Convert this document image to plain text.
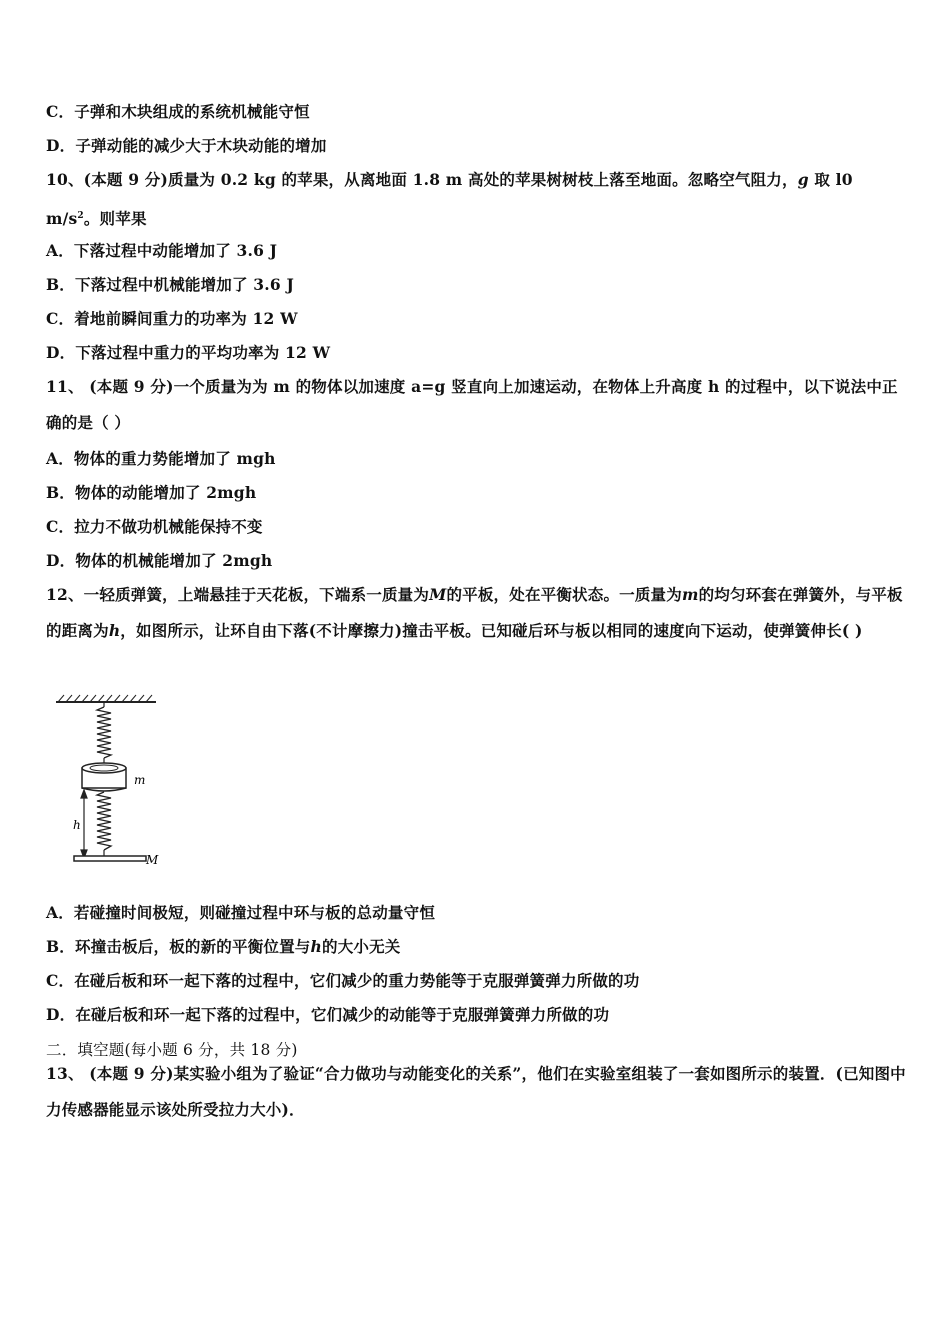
C．子弹和木块组成的系统机械能守恒
D．子弹动能的减少大于木块动能的增加
10、(本题 9 分)质量为 0.2 kg 的苹果，从离地面 1.8 m 高处的苹果树树枝上落至地面。忽略空气阻力，g 取 l0 $m/s^2$。则苹果
A．下落过程中动能增加了 3.6 J
B．下落过程中机械能增加了 3.6 J
C．着地前瞬间重力的功率为 12 W
D．下落过程中重力的平均功率为 12 W
11、 (本题 9 分)一个质量为为 m 的物体以加速度 a=g 竖直向上加速运动，在物体上升高度 h 的过程中，以下说法中正确的是（ ）
A．物体的重力势能增加了 mgh
B．物体的动能增加了 2mgh
C．拉力不做功机械能保持不变
D．物体的机械能增加了 2mgh
12、一轻质弹簧，上端悬挂于天花板，下端系一质量为M的平板，处在平衡状态。一质量为m的均匀环套在弹簧外，与平板的距离为h，如图所示，让环自由下落(不计摩擦力)撞击平板。已知碰后环与板以相同的速度向下运动，使弹簧伸长( )
m
h
M
A．若碰撞时间极短，则碰撞过程中环与板的总动量守恒
B．环撞击板后，板的新的平衡位置与h的大小无关
C．在碰后板和环一起下落的过程中，它们减少的重力势能等于克服弹簧弹力所做的功
D．在碰后板和环一起下落的过程中，它们减少的动能等于克服弹簧弹力所做的功
二．填空题(每小题 6 分，共 18 分)
13、 (本题 9 分)某实验小组为了验证“合力做功与动能变化的关系”，他们在实验室组装了一套如图所示的装置．(已知图中力传感器能显示该处所受拉力大小)．
